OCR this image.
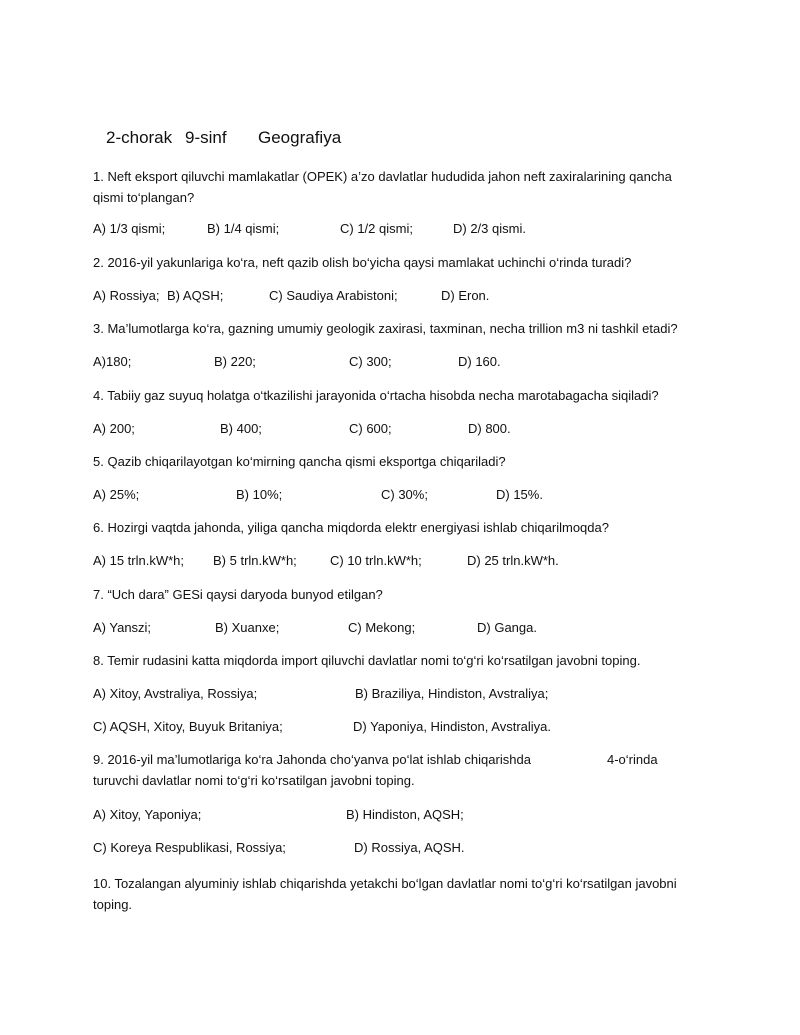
2-chorak

9-sinf

Geografiya

1. Neft eksport qiluvchi mamlakatlar (OPEK) a’zo davlatlar hududida jahon neft zaxiralarining qancha qismi to‘plangan?
A) 1/3 qismi;	B) 1/4 qismi;	C) 1/2 qismi;	D) 2/3 qismi.
2. 2016-yil yakunlariga ko‘ra, neft qazib olish bo‘yicha qaysi mamlakat uchinchi o‘rinda turadi?
A) Rossiya; B) AQSH;	C) Saudiya Arabistoni;	D) Eron.
3. Ma’lumotlarga ko‘ra, gazning umumiy geologik zaxirasi, taxminan, necha trillion m3 ni tashkil etadi?
A)180;	B) 220;	C) 300;	D) 160.
4. Tabiiy gaz suyuq holatga o‘tkazilishi jarayonida o‘rtacha hisobda necha marotabagacha siqiladi?
A) 200;	B) 400;	C) 600;	D) 800.
5. Qazib chiqarilayotgan ko‘mirning qancha qismi eksportga chiqariladi?
A) 25%;	B) 10%;	C) 30%;	D) 15%.
6. Hozirgi vaqtda jahonda, yiliga qancha miqdorda elektr energiyasi ishlab chiqarilmoqda?
A) 15 trln.kW*h; B) 5 trln.kW*h;	C) 10 trln.kW*h;	D) 25 trln.kW*h.
7. “Uch dara” GESi qaysi daryoda bunyod etilgan?
A) Yanszi;	B) Xuanxe;	C) Mekong;	D) Ganga.
8. Temir rudasini katta miqdorda import qiluvchi davlatlar nomi to‘g‘ri ko‘rsatilgan javobni toping.
A) Xitoy, Avstraliya, Rossiya;	B) Braziliya, Hindiston, Avstraliya;
C) AQSH, Xitoy, Buyuk Britaniya;	D) Yaponiya, Hindiston, Avstraliya.
9. 2016-yil ma’lumotlariga ko‘ra Jahonda cho‘yanva po‘lat ishlab chiqarishda	4-o‘rinda
turuvchi davlatlar nomi to‘g‘ri ko‘rsatilgan javobni toping.
A) Xitoy, Yaponiya;	B) Hindiston, AQSH;
C) Koreya Respublikasi, Rossiya;	D) Rossiya, AQSH.
10. Tozalangan alyuminiy ishlab chiqarishda yetakchi bo‘lgan davlatlar nomi to‘g‘ri ko‘rsatilgan javobni toping.
